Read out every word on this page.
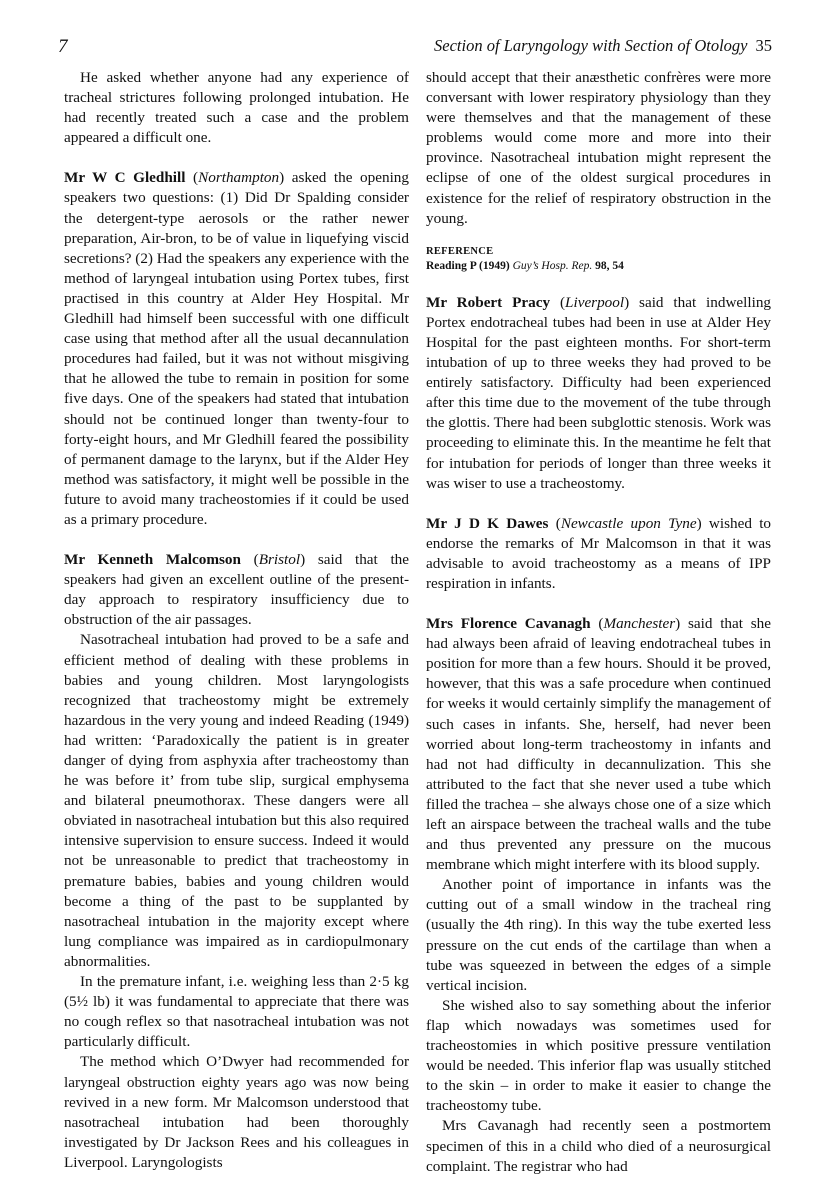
7	Section of Laryngology with Section of Otology 35

He asked whether anyone had any experience of tracheal strictures following prolonged intubation. He had recently treated such a case and the problem appeared a difficult one.

Mr W C Gledhill (Northampton) asked the opening speakers two questions: (1) Did Dr Spalding consider the detergent-type aerosols or the rather newer preparation, Air-bron, to be of value in liquefying viscid secretions? (2) Had the speakers any experience with the method of laryngeal intubation using Portex tubes, first practised in this country at Alder Hey Hospital. Mr Gledhill had himself been successful with one difficult case using that method after all the usual decannulation procedures had failed, but it was not without misgiving that he allowed the tube to remain in position for some five days. One of the speakers had stated that intubation should not be continued longer than twenty-four to forty-eight hours, and Mr Gledhill feared the possibility of permanent damage to the larynx, but if the Alder Hey method was satisfactory, it might well be possible in the future to avoid many tracheostomies if it could be used as a primary procedure.

Mr Kenneth Malcomson (Bristol) said that the speakers had given an excellent outline of the present-day approach to respiratory insufficiency due to obstruction of the air passages.

Nasotracheal intubation had proved to be a safe and efficient method of dealing with these problems in babies and young children. Most laryngologists recognized that tracheostomy might be extremely hazardous in the very young and indeed Reading (1949) had written: ‘Paradoxically the patient is in greater danger of dying from asphyxia after tracheostomy than he was before it’ from tube slip, surgical emphysema and bilateral pneumothorax. These dangers were all obviated in nasotracheal intubation but this also required intensive supervision to ensure success. Indeed it would not be unreasonable to predict that tracheostomy in premature babies, babies and young children would become a thing of the past to be supplanted by nasotracheal intubation in the majority except where lung compliance was impaired as in cardiopulmonary abnormalities.

In the premature infant, i.e. weighing less than 2·5 kg (5½ lb) it was fundamental to appreciate that there was no cough reflex so that nasotracheal intubation was not particularly difficult.

The method which O’Dwyer had recommended for laryngeal obstruction eighty years ago was now being revived in a new form. Mr Malcomson understood that nasotracheal intubation had been thoroughly investigated by Dr Jackson Rees and his colleagues in Liverpool. Laryngologists

should accept that their anæsthetic confrères were more conversant with lower respiratory physiology than they were themselves and that the management of these problems would come more and more into their province. Nasotracheal intubation might represent the eclipse of one of the oldest surgical procedures in existence for the relief of respiratory obstruction in the young.

REFERENCE
Reading P (1949) Guy’s Hosp. Rep. 98, 54

Mr Robert Pracy (Liverpool) said that indwelling Portex endotracheal tubes had been in use at Alder Hey Hospital for the past eighteen months. For short-term intubation of up to three weeks they had proved to be entirely satisfactory. Difficulty had been experienced after this time due to the movement of the tube through the glottis. There had been subglottic stenosis. Work was proceeding to eliminate this. In the meantime he felt that for intubation for periods of longer than three weeks it was wiser to use a tracheostomy.

Mr J D K Dawes (Newcastle upon Tyne) wished to endorse the remarks of Mr Malcomson in that it was advisable to avoid tracheostomy as a means of IPP respiration in infants.

Mrs Florence Cavanagh (Manchester) said that she had always been afraid of leaving endotracheal tubes in position for more than a few hours. Should it be proved, however, that this was a safe procedure when continued for weeks it would certainly simplify the management of such cases in infants. She, herself, had never been worried about long-term tracheostomy in infants and had not had difficulty in decannulization. This she attributed to the fact that she never used a tube which filled the trachea – she always chose one of a size which left an airspace between the tracheal walls and the tube and thus prevented any pressure on the mucous membrane which might interfere with its blood supply.

Another point of importance in infants was the cutting out of a small window in the tracheal ring (usually the 4th ring). In this way the tube exerted less pressure on the cut ends of the cartilage than when a tube was squeezed in between the edges of a simple vertical incision.

She wished also to say something about the inferior flap which nowadays was sometimes used for tracheostomies in which positive pressure ventilation would be needed. This inferior flap was usually stitched to the skin – in order to make it easier to change the tracheostomy tube.

Mrs Cavanagh had recently seen a postmortem specimen of this in a child who died of a neurosurgical complaint. The registrar who had
